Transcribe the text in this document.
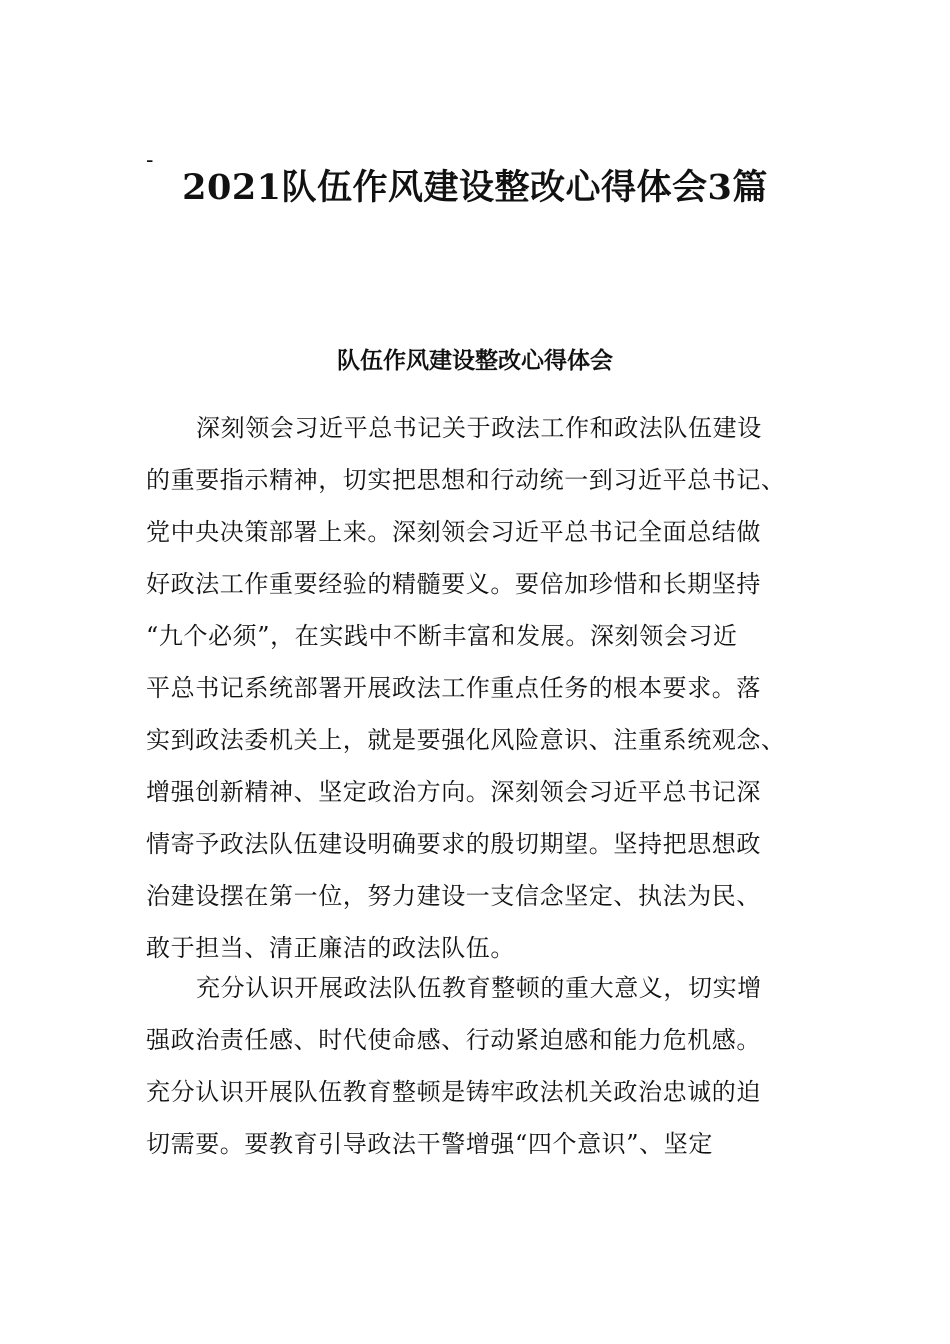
-
2021队伍作风建设整改心得体会3篇
队伍作风建设整改心得体会
深刻领会习近平总书记关于政法工作和政法队伍建设
的重要指示精神，切实把思想和行动统一到习近平总书记、
党中央决策部署上来。深刻领会习近平总书记全面总结做
好政法工作重要经验的精髓要义。要倍加珍惜和长期坚持
“九个必须”，在实践中不断丰富和发展。深刻领会习近
平总书记系统部署开展政法工作重点任务的根本要求。落
实到政法委机关上，就是要强化风险意识、注重系统观念、
增强创新精神、坚定政治方向。深刻领会习近平总书记深
情寄予政法队伍建设明确要求的殷切期望。坚持把思想政
治建设摆在第一位，努力建设一支信念坚定、执法为民、
敢于担当、清正廉洁的政法队伍。
充分认识开展政法队伍教育整顿的重大意义，切实增
强政治责任感、时代使命感、行动紧迫感和能力危机感。
充分认识开展队伍教育整顿是铸牢政法机关政治忠诚的迫
切需要。要教育引导政法干警增强“四个意识”、坚定
